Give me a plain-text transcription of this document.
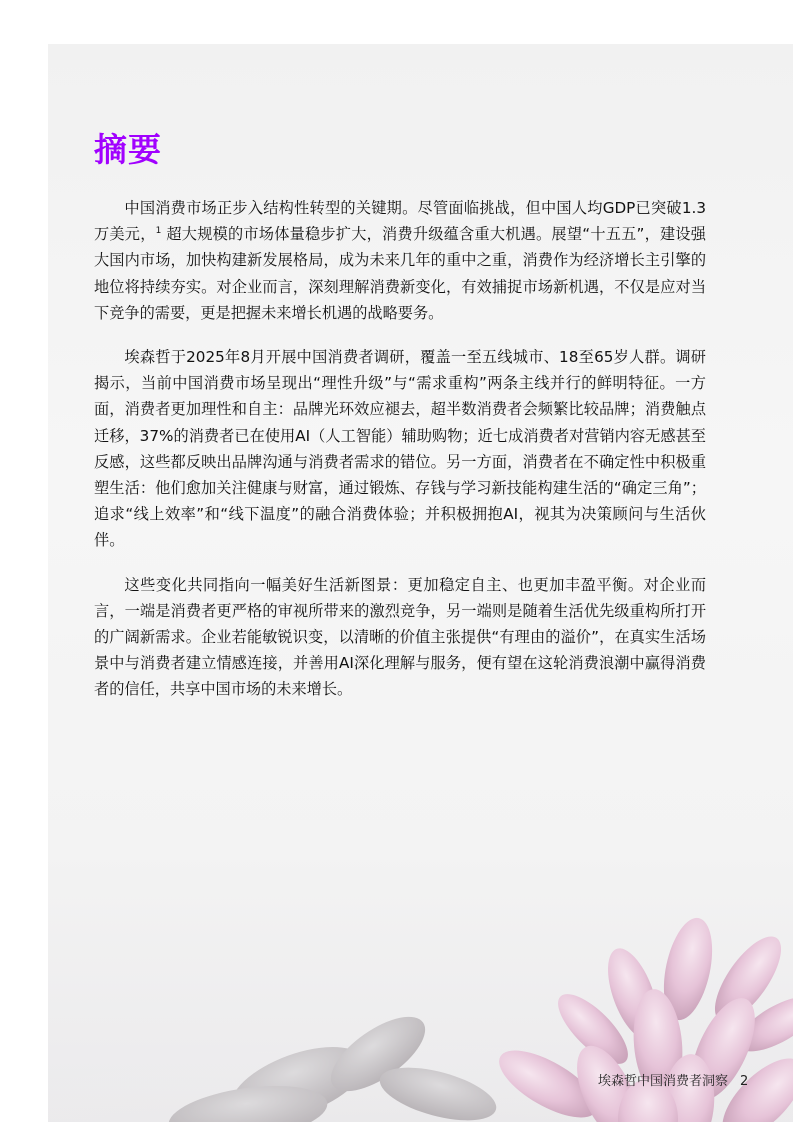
摘要

中国消费市场正步入结构性转型的关键期。尽管面临挑战，但中国人均GDP已突破1.3万美元，$^1$ 超大规模的市场体量稳步扩大，消费升级蕴含重大机遇。展望“十五五”，建设强大国内市场，加快构建新发展格局，成为未来几年的重中之重，消费作为经济增长主引擎的地位将持续夯实。对企业而言，深刻理解消费新变化，有效捕捉市场新机遇，不仅是应对当下竞争的需要，更是把握未来增长机遇的战略要务。

埃森哲于2025年8月开展中国消费者调研，覆盖一至五线城市、18至65岁人群。调研揭示，当前中国消费市场呈现出“理性升级”与“需求重构”两条主线并行的鲜明特征。一方面，消费者更加理性和自主：品牌光环效应褪去，超半数消费者会频繁比较品牌；消费触点迁移，37%的消费者已在使用AI（人工智能）辅助购物；近七成消费者对营销内容无感甚至反感，这些都反映出品牌沟通与消费者需求的错位。另一方面，消费者在不确定性中积极重塑生活：他们愈加关注健康与财富，通过锻炼、存钱与学习新技能构建生活的“确定三角”；追求“线上效率”和“线下温度”的融合消费体验；并积极拥抱AI，视其为决策顾问与生活伙伴。

这些变化共同指向一幅美好生活新图景：更加稳定自主、也更加丰盈平衡。对企业而言，一端是消费者更严格的审视所带来的激烈竞争，另一端则是随着生活优先级重构所打开的广阔新需求。企业若能敏锐识变，以清晰的价值主张提供“有理由的溢价”，在真实生活场景中与消费者建立情感连接，并善用AI深化理解与服务，便有望在这轮消费浪潮中赢得消费者的信任，共享中国市场的未来增长。

埃森哲中国消费者洞察 2
